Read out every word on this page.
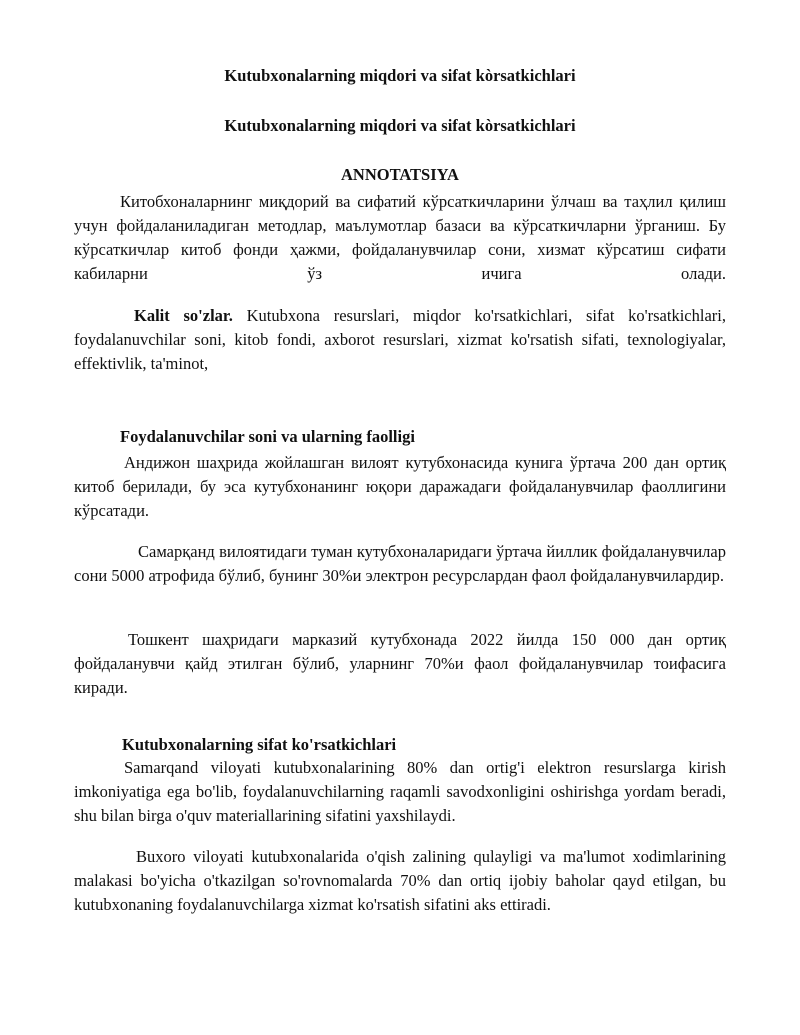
Kutubxonalarning miqdori va sifat kòrsatkichlari
Kutubxonalarning miqdori va sifat kòrsatkichlari
ANNOTATSIYA

Китобхоналарнинг миқдорий ва сифатий кўрсаткичларини ўлчаш ва таҳлил қилиш учун фойдаланиладиган методлар, маълумотлар базаси ва кўрсаткичларни ўрганиш. Бу кўрсаткичлар китоб фонди ҳажми, фойдаланувчилар сони, хизмат кўрсатиш сифати кабиларни ўз ичига олади.

Kalit so'zlar. Kutubxona resurslari, miqdor ko'rsatkichlari, sifat ko'rsatkichlari, foydalanuvchilar soni, kitob fondi, axborot resurslari, xizmat ko'rsatish sifati, texnologiyalar, effektivlik, ta'minot,

Foydalanuvchilar soni va ularning faolligi

Андижон шаҳрида жойлашган вилоят кутубхонасида кунига ўртача 200 дан ортиқ китоб берилади, бу эса кутубхонанинг юқори даражадаги фойдаланувчилар фаоллигини кўрсатади.

Самарқанд вилоятидаги туман кутубхоналаридаги ўртача йиллик фойдаланувчилар сони 5000 атрофида бўлиб, бунинг 30%и электрон ресурслардан фаол фойдаланувчилардир.

Тошкент шаҳридаги марказий кутубхонада 2022 йилда 150 000 дан ортиқ фойдаланувчи қайд этилган бўлиб, уларнинг 70%и фаол фойдаланувчилар тоифасига киради.

Kutubxonalarning sifat ko'rsatkichlari

Samarqand viloyati kutubxonalarining 80% dan ortig'i elektron resurslarga kirish imkoniyatiga ega bo'lib, foydalanuvchilarning raqamli savodxonligini oshirishga yordam beradi, shu bilan birga o'quv materiallarining sifatini yaxshilaydi.

Buxoro viloyati kutubxonalarida o'qish zalining qulayligi va ma'lumot xodimlarining malakasi bo'yicha o'tkazilgan so'rovnomalarda 70% dan ortiq ijobiy baholar qayd etilgan, bu kutubxonaning foydalanuvchilarga xizmat ko'rsatish sifatini aks ettiradi.
